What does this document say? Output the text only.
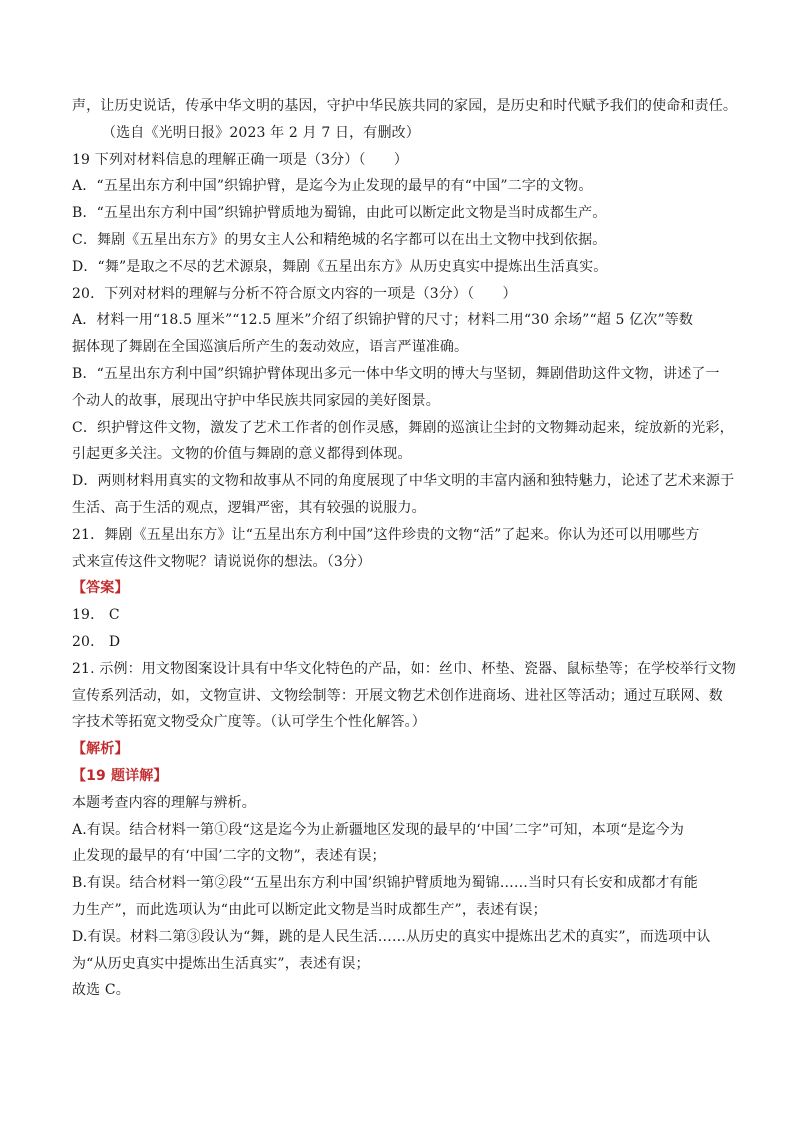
声，让历史说话，传承中华文明的基因，守护中华民族共同的家园，是历史和时代赋予我们的使命和责任。
（选自《光明日报》2023 年 2 月 7 日，有删改）
19 下列对材料信息的理解正确一项是（3分）（　　）
A．“五星出东方利中国”织锦护臂，是迄今为止发现的最早的有“中国”二字的文物。
B．“五星出东方利中国”织锦护臂质地为蜀锦，由此可以断定此文物是当时成都生产。
C．舞剧《五星出东方》的男女主人公和精绝城的名字都可以在出土文物中找到依据。
D．“舞”是取之不尽的艺术源泉，舞剧《五星出东方》从历史真实中提炼出生活真实。
20．下列对材料的理解与分析不符合原文内容的一项是（3分）（　　）
A．材料一用“18.5 厘米”“12.5 厘米”介绍了织锦护臂的尺寸；材料二用“30 余场”“超 5 亿次”等数
据体现了舞剧在全国巡演后所产生的轰动效应，语言严谨准确。
B．“五星出东方利中国”织锦护臂体现出多元一体中华文明的博大与坚韧，舞剧借助这件文物，讲述了一
个动人的故事，展现出守护中华民族共同家园的美好图景。
C．织护臂这件文物，激发了艺术工作者的创作灵感，舞剧的巡演让尘封的文物舞动起来，绽放新的光彩，
引起更多关注。文物的价值与舞剧的意义都得到体现。
D．两则材料用真实的文物和故事从不同的角度展现了中华文明的丰富内涵和独特魅力，论述了艺术来源于
生活、高于生活的观点，逻辑严密，其有较强的说服力。
21．舞剧《五星出东方》让“五星出东方利中国”这件珍贵的文物“活”了起来。你认为还可以用哪些方
式来宣传这件文物呢？请说说你的想法。（3分）
【答案】
19． C
20． D
21. 示例：用文物图案设计具有中华文化特色的产品，如：丝巾、杯垫、瓷器、鼠标垫等；在学校举行文物
宣传系列活动，如，文物宣讲、文物绘制等：开展文物艺术创作进商场、进社区等活动；通过互联网、数
字技术等拓宽文物受众广度等。（认可学生个性化解答。）
【解析】
【19 题详解】
本题考查内容的理解与辨析。
A.有误。结合材料一第①段“这是迄今为止新疆地区发现的最早的‘中国’二字”可知，本项“是迄今为
止发现的最早的有‘中国’二字的文物”，表述有误；
B.有误。结合材料一第②段“‘五星出东方利中国’织锦护臂质地为蜀锦……当时只有长安和成都才有能
力生产”，而此选项认为“由此可以断定此文物是当时成都生产”，表述有误；
D.有误。材料二第③段认为“舞，跳的是人民生活……从历史的真实中提炼出艺术的真实”，而选项中认
为“从历史真实中提炼出生活真实”，表述有误；
故选 C。
